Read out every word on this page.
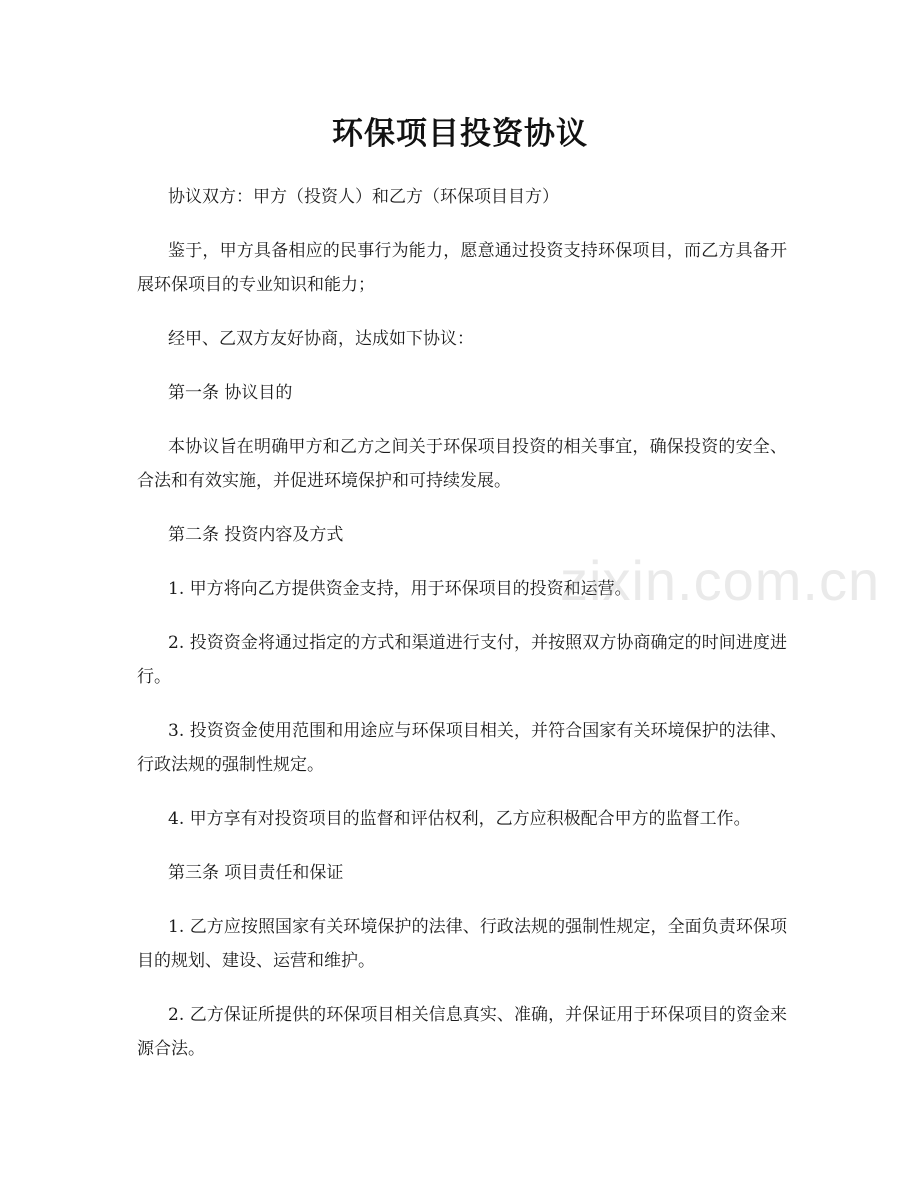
环保项目投资协议

协议双方：甲方（投资人）和乙方（环保项目目方）

鉴于，甲方具备相应的民事行为能力，愿意通过投资支持环保项目，而乙方具备开展环保项目的专业知识和能力；

经甲、乙双方友好协商，达成如下协议：

第一条 协议目的

本协议旨在明确甲方和乙方之间关于环保项目投资的相关事宜，确保投资的安全、合法和有效实施，并促进环境保护和可持续发展。

第二条 投资内容及方式

1. 甲方将向乙方提供资金支持，用于环保项目的投资和运营。

2. 投资资金将通过指定的方式和渠道进行支付，并按照双方协商确定的时间进度进行。

3. 投资资金使用范围和用途应与环保项目相关，并符合国家有关环境保护的法律、行政法规的强制性规定。

4. 甲方享有对投资项目的监督和评估权利，乙方应积极配合甲方的监督工作。

第三条 项目责任和保证

1. 乙方应按照国家有关环境保护的法律、行政法规的强制性规定，全面负责环保项目的规划、建设、运营和维护。

2. 乙方保证所提供的环保项目相关信息真实、准确，并保证用于环保项目的资金来源合法。

zixin.com.cn
